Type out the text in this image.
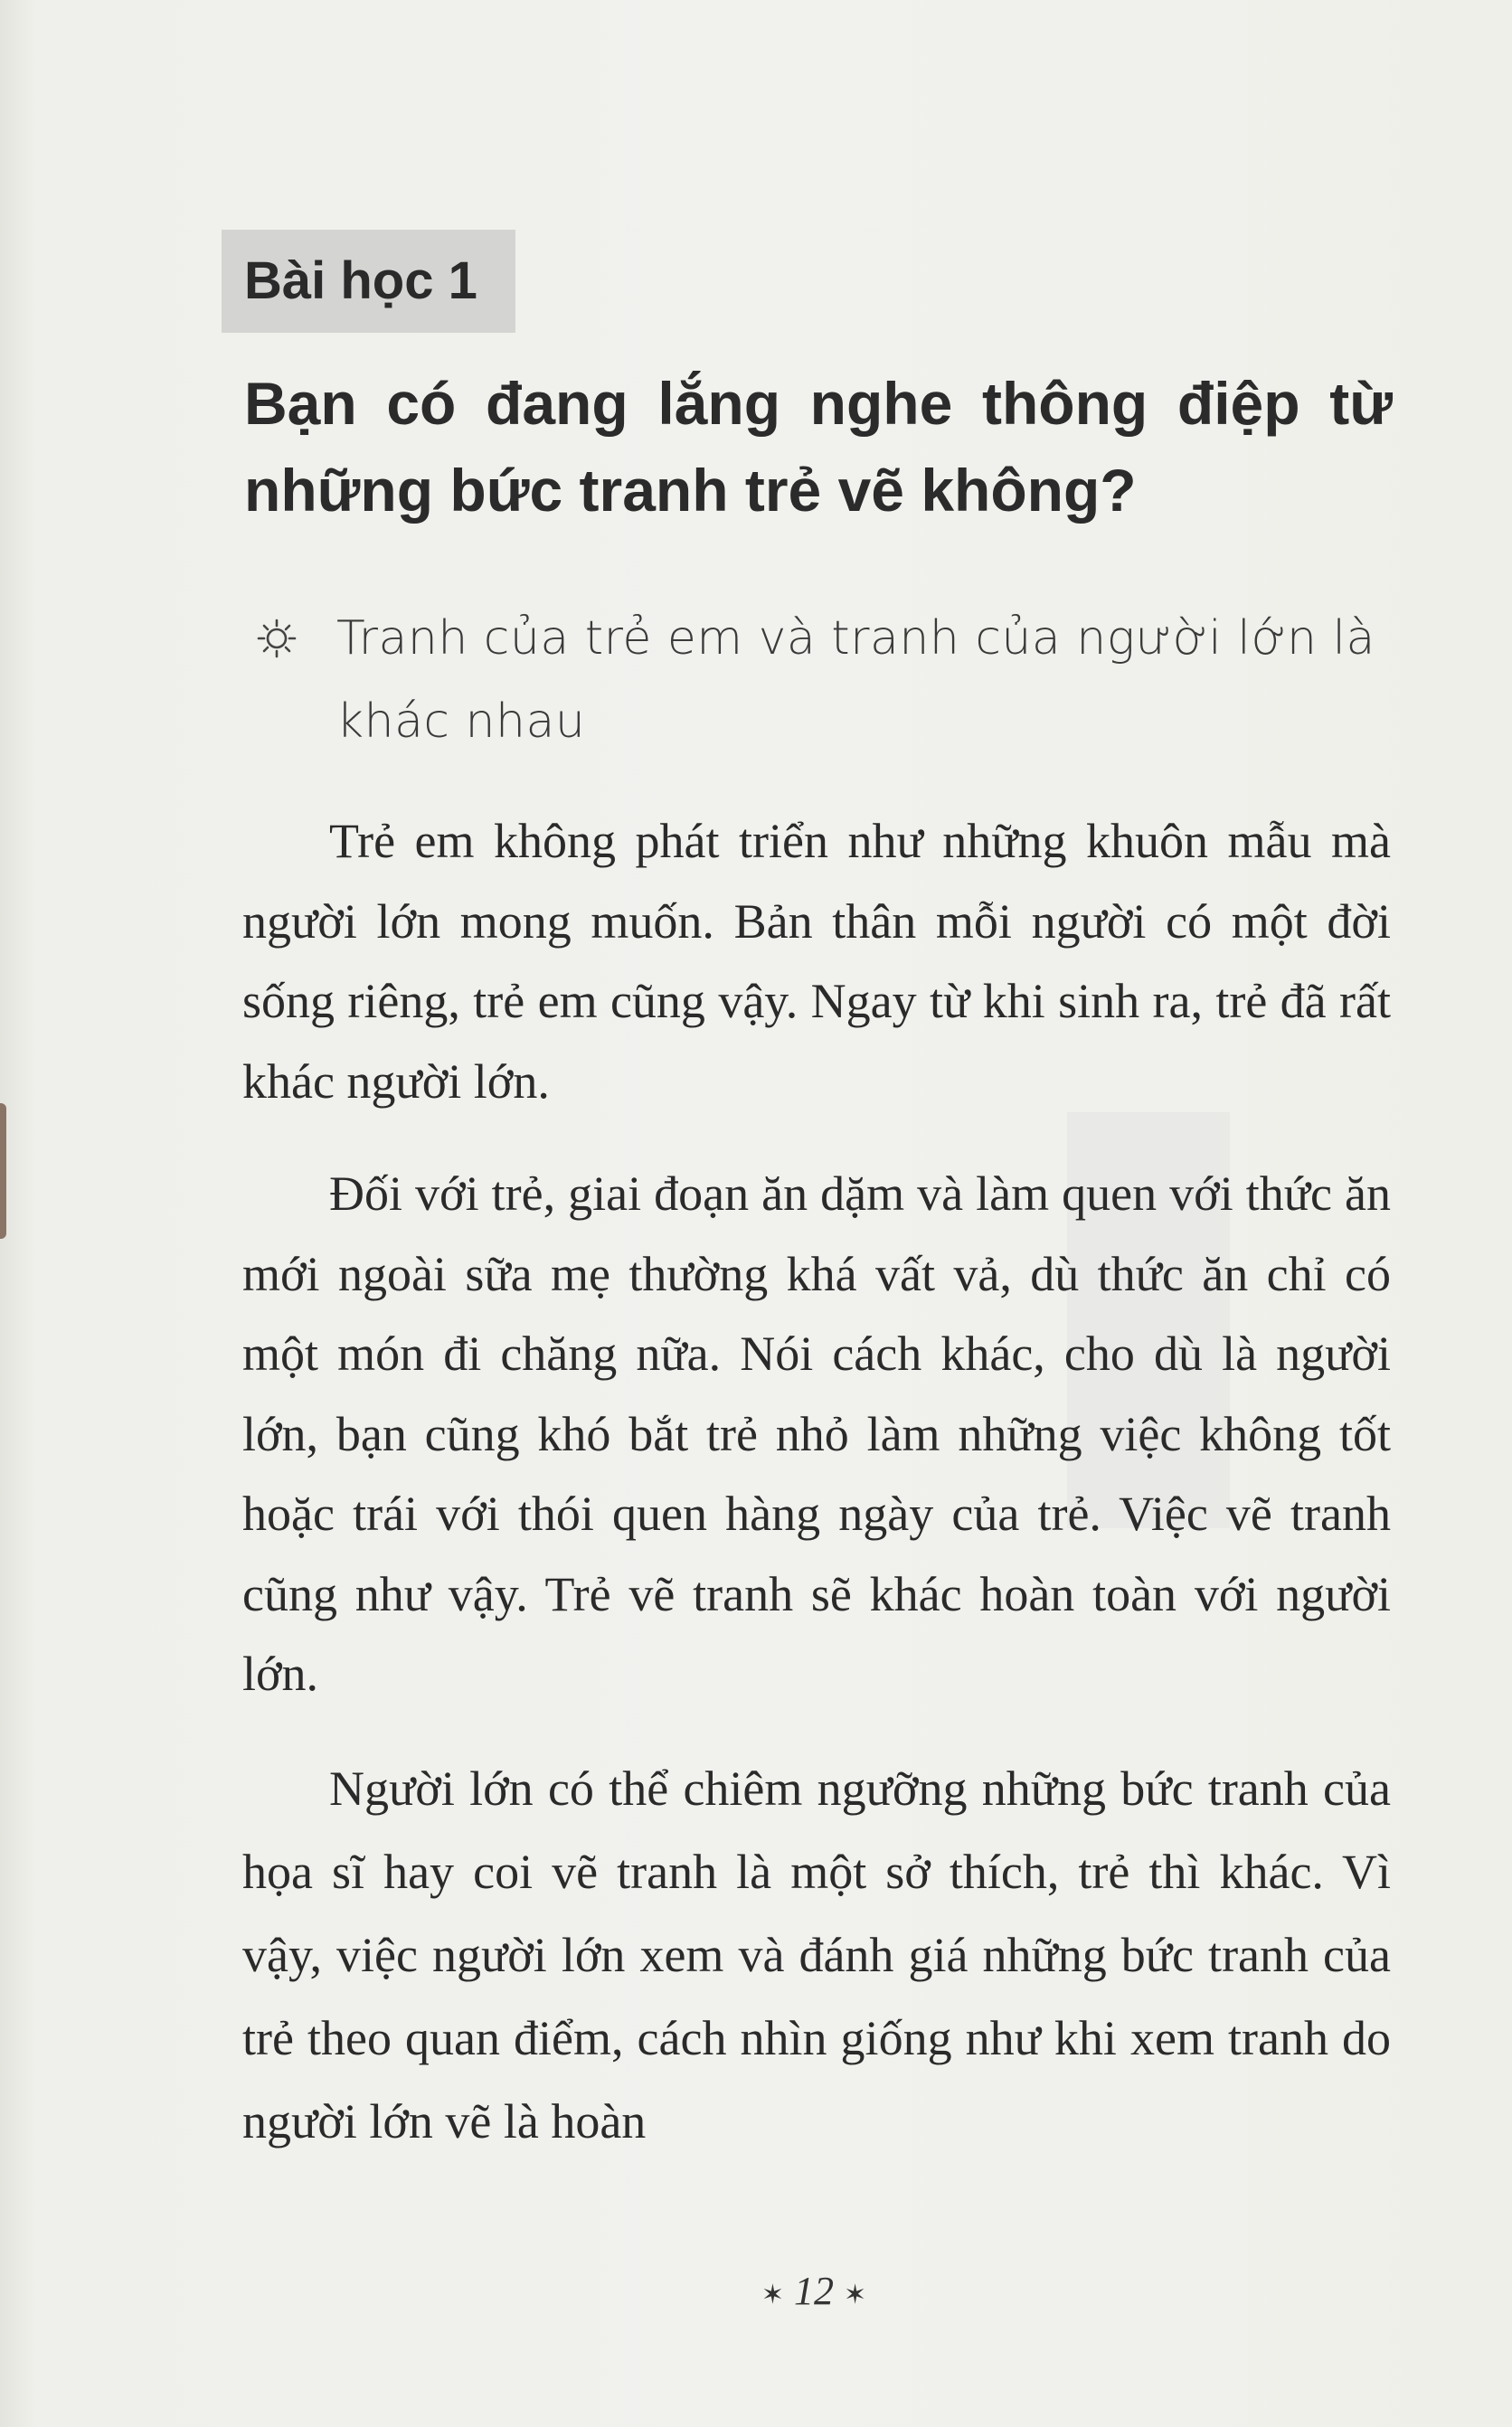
Bài học 1
Bạn có đang lắng nghe thông điệp từ những bức tranh trẻ vẽ không?
Tranh của trẻ em và tranh của người lớn là khác nhau

Trẻ em không phát triển như những khuôn mẫu mà người lớn mong muốn. Bản thân mỗi người có một đời sống riêng, trẻ em cũng vậy. Ngay từ khi sinh ra, trẻ đã rất khác người lớn.

Đối với trẻ, giai đoạn ăn dặm và làm quen với thức ăn mới ngoài sữa mẹ thường khá vất vả, dù thức ăn chỉ có một món đi chăng nữa. Nói cách khác, cho dù là người lớn, bạn cũng khó bắt trẻ nhỏ làm những việc không tốt hoặc trái với thói quen hàng ngày của trẻ. Việc vẽ tranh cũng như vậy. Trẻ vẽ tranh sẽ khác hoàn toàn với người lớn.

Người lớn có thể chiêm ngưỡng những bức tranh của họa sĩ hay coi vẽ tranh là một sở thích, trẻ thì khác. Vì vậy, việc người lớn xem và đánh giá những bức tranh của trẻ theo quan điểm, cách nhìn giống như khi xem tranh do người lớn vẽ là hoàn

✶ 12 ✶
